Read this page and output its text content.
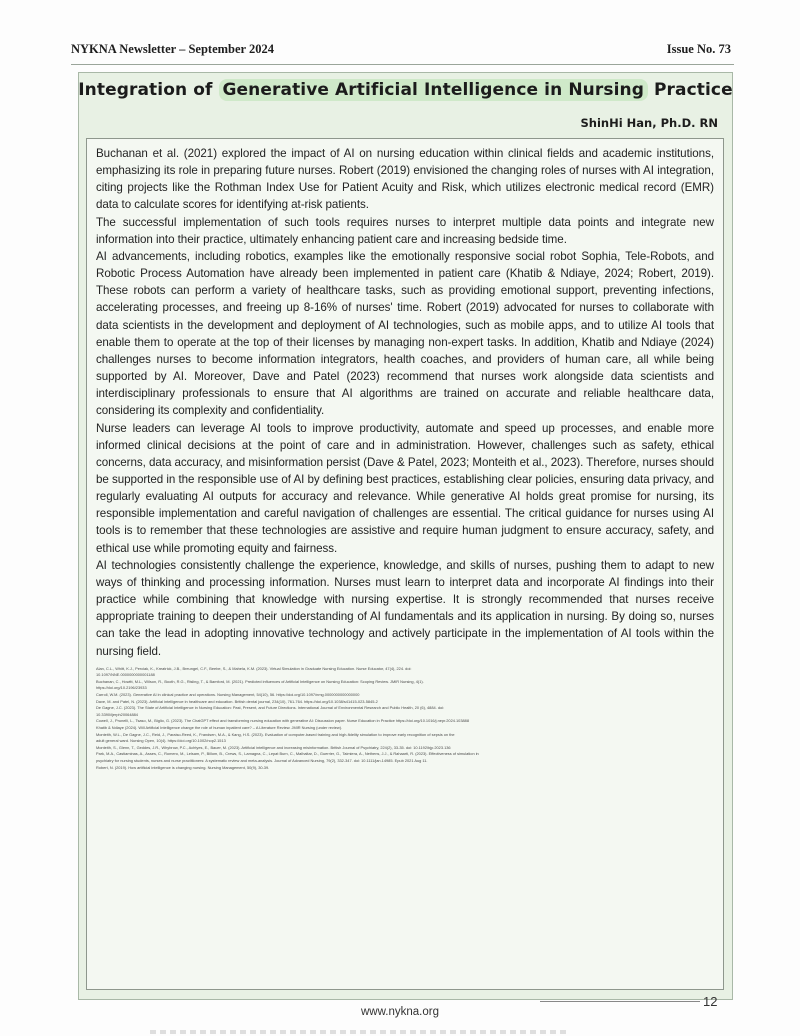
NYKNA Newsletter – September 2024	Issue No. 73
Integration of Generative Artificial Intelligence in Nursing Practice
ShinHi Han, Ph.D. RN

Buchanan et al. (2021) explored the impact of AI on nursing education within clinical fields and academic institutions, emphasizing its role in preparing future nurses. Robert (2019) envisioned the changing roles of nurses with AI integration, citing projects like the Rothman Index Use for Patient Acuity and Risk, which utilizes electronic medical record (EMR) data to calculate scores for identifying at-risk patients.

The successful implementation of such tools requires nurses to interpret multiple data points and integrate new information into their practice, ultimately enhancing patient care and increasing bedside time.

AI advancements, including robotics, examples like the emotionally responsive social robot Sophia, Tele-Robots, and Robotic Process Automation have already been implemented in patient care (Khatib & Ndiaye, 2024; Robert, 2019). These robots can perform a variety of healthcare tasks, such as providing emotional support, preventing infections, accelerating processes, and freeing up 8-16% of nurses' time. Robert (2019) advocated for nurses to collaborate with data scientists in the development and deployment of AI technologies, such as mobile apps, and to utilize AI tools that enable them to operate at the top of their licenses by managing non-expert tasks. In addition, Khatib and Ndiaye (2024) challenges nurses to become information integrators, health coaches, and providers of human care, all while being supported by AI. Moreover, Dave and Patel (2023) recommend that nurses work alongside data scientists and interdisciplinary professionals to ensure that AI algorithms are trained on accurate and reliable healthcare data, considering its complexity and confidentiality.

Nurse leaders can leverage AI tools to improve productivity, automate and speed up processes, and enable more informed clinical decisions at the point of care and in administration. However, challenges such as safety, ethical concerns, data accuracy, and misinformation persist (Dave & Patel, 2023; Monteith et al., 2023). Therefore, nurses should be supported in the responsible use of AI by defining best practices, establishing clear policies, ensuring data privacy, and regularly evaluating AI outputs for accuracy and relevance. While generative AI holds great promise for nursing, its responsible implementation and careful navigation of challenges are essential. The critical guidance for nurses using AI tools is to remember that these technologies are assistive and require human judgment to ensure accuracy, safety, and ethical use while promoting equity and fairness.

AI technologies consistently challenge the experience, knowledge, and skills of nurses, pushing them to adapt to new ways of thinking and processing information. Nurses must learn to interpret data and incorporate AI findings into their practice while combining that knowledge with nursing expertise. It is strongly recommended that nurses receive appropriate training to deepen their understanding of AI fundamentals and its application in nursing. By doing so, nurses can take the lead in adopting innovative technology and actively participate in the implementation of AI tools within the nursing field.

Alan, C.L., Whitt, K.J., Perciak, K., Kreatrick, J.B., Breungel, C.F., Beebe, S., & Mahela, K.M. (2023). Virtual Simulation in Graduate Nursing Education. Nurse Educator, 47(4), 224. doi:

10.1097/NNE.0000000000001188

Buchanan, C., Howitt, M.L., Wilson, R., Booth, R.G., Risling, T., & Bamford, M. (2021). Predicted influences of Artificial Intelligence on Nursing Education: Scoping Review. JMIR Nursing, 4(1).

https://doi.org/10.2196/23933

Carroll, W.M. (2023). Generative AI in clinical practice and operations. Nursing Management, 54(10), 56. https://doi.org/10.1097/nmg.0000000000000000

Dave, M. and Patel, N. (2023). Artificial intelligence in healthcare and education. British dental journal, 234(10), 761-764. https://doi.org/10.1038/s41415-023-5845-2

De Gagne, J.C. (2023). The State of Artificial Intelligence in Nursing Education: Past, Present, and Future Directions. International Journal of Environmental Research and Public Health, 20 (6), 4884. doi:

10.3390/ijerph20064884

Cowell, J., Prunelli, L., Tsaso, M., Biglio, G. (2023). The ChatGPT effect and transforming nursing education with generative AI: Discussion paper. Nurse Education in Practice https://doi.org/10.1016/j.nepr.2024.103888

Khatib & Ndiaye (2024). Will Artificial Intelligence change the role of human inpatient care? – A Literature Review. JMIR Nursing (under review).

Monteith, W.L., De Gagne, J.C., Reid, J., Paraiso-Reed, K., Frandsen, M.A., & Kang, H.S. (2023). Evaluation of computer-based training and high-fidelity simulation to improve early recognition of sepsis on the

adult general ward. Nursing Open, 10(4). https://doi.org/10.1002/nop2.1513

Monteith, S., Glenn, T., Geddes, J.R., Whybrow, P.C., Achtyes, E., Bauer, M. (2023). Artificial intelligence and increasing misinformation. British Journal of Psychiatry, 224(2), 33-35. doi: 10.1192/bjp.2023.136

Park, M.A., Castiaminas, A., Asses, C., Romero, M., Lelsam, P., Billom, B., Crews, S., Lamagna, C., Lepat Burn, C., Malhaltar, D., Guerrier, G., Taimiera, A., Nethens, J.J., & Rahaarti, R. (2023). Effectiveness of simulation in

psychiatry for nursing students, nurses and nurse practitioners: A systematic review and meta-analysis. Journal of Advanced Nursing, 79(2), 332-347. doi: 10.1111/jan.14985. Epub 2021 Aug 11.

Robert, N. (2019). How artificial intelligence is changing nursing. Nursing Management, 50(9), 30-39.

12
www.nykna.org
